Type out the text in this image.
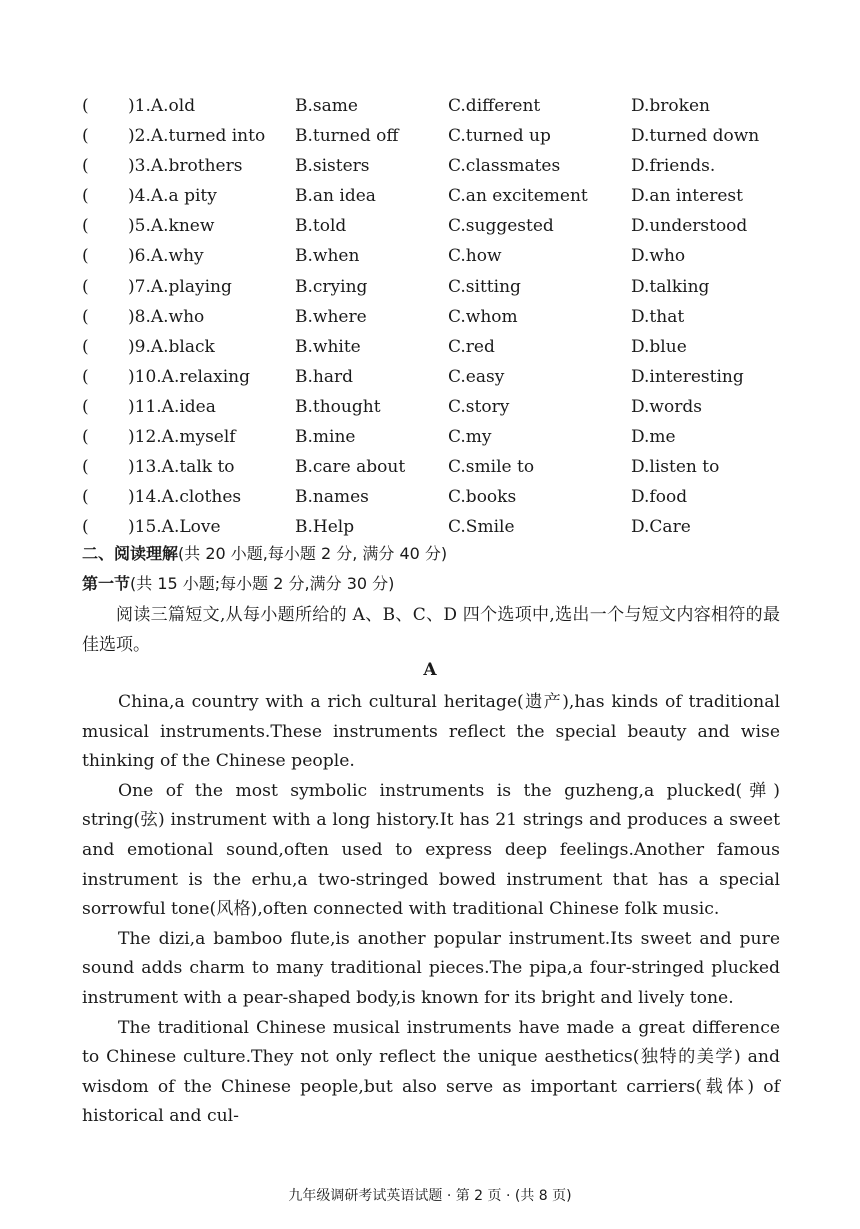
( )1.A.old	B.same	C.different	D.broken
( )2.A.turned into B.turned off	C.turned up	D.turned down
( )3.A.brothers	B.sisters	C.classmates	D.friends.
( )4.A.a pity	B.an idea	C.an excitement	D.an interest
( )5.A.knew	B.told	C.suggested	D.understood
( )6.A.why	B.when	C.how	D.who
( )7.A.playing	B.crying	C.sitting	D.talking
( )8.A.who	B.where	C.whom	D.that
( )9.A.black	B.white	C.red	D.blue
( )10.A.relaxing	B.hard	C.easy	D.interesting
( )11.A.idea	B.thought	C.story	D.words
( )12.A.myself	B.mine	C.my	D.me
( )13.A.talk to	B.care about	C.smile to	D.listen to
( )14.A.clothes	B.names	C.books	D.food
( )15.A.Love	B.Help	C.Smile	D.Care
二、阅读理解(共 20 小题,每小题 2 分, 满分 40 分)
第一节(共 15 小题;每小题 2 分,满分 30 分)
阅读三篇短文,从每小题所给的 A、B、C、D 四个选项中,选出一个与短文内容相符的最佳选项。
A

China,a country with a rich cultural heritage(遗产),has kinds of traditional musical instruments.These instruments reflect the special beauty and wise thinking of the Chinese people.

One of the most symbolic instruments is the guzheng,a plucked(弹) string(弦) instrument with a long history.It has 21 strings and produces a sweet and emotional sound,often used to express deep feelings.Another famous instrument is the erhu,a two-stringed bowed instrument that has a special sorrowful tone(风格),often connected with traditional Chinese folk music.

The dizi,a bamboo flute,is another popular instrument.Its sweet and pure sound adds charm to many traditional pieces.The pipa,a four-stringed plucked instrument with a pear-shaped body,is known for its bright and lively tone.

The traditional Chinese musical instruments have made a great difference to Chinese culture.They not only reflect the unique aesthetics(独特的美学) and wisdom of the Chinese people,but also serve as important carriers(载体) of historical and cul-

九年级调研考试英语试题 · 第 2 页 · (共 8 页)
